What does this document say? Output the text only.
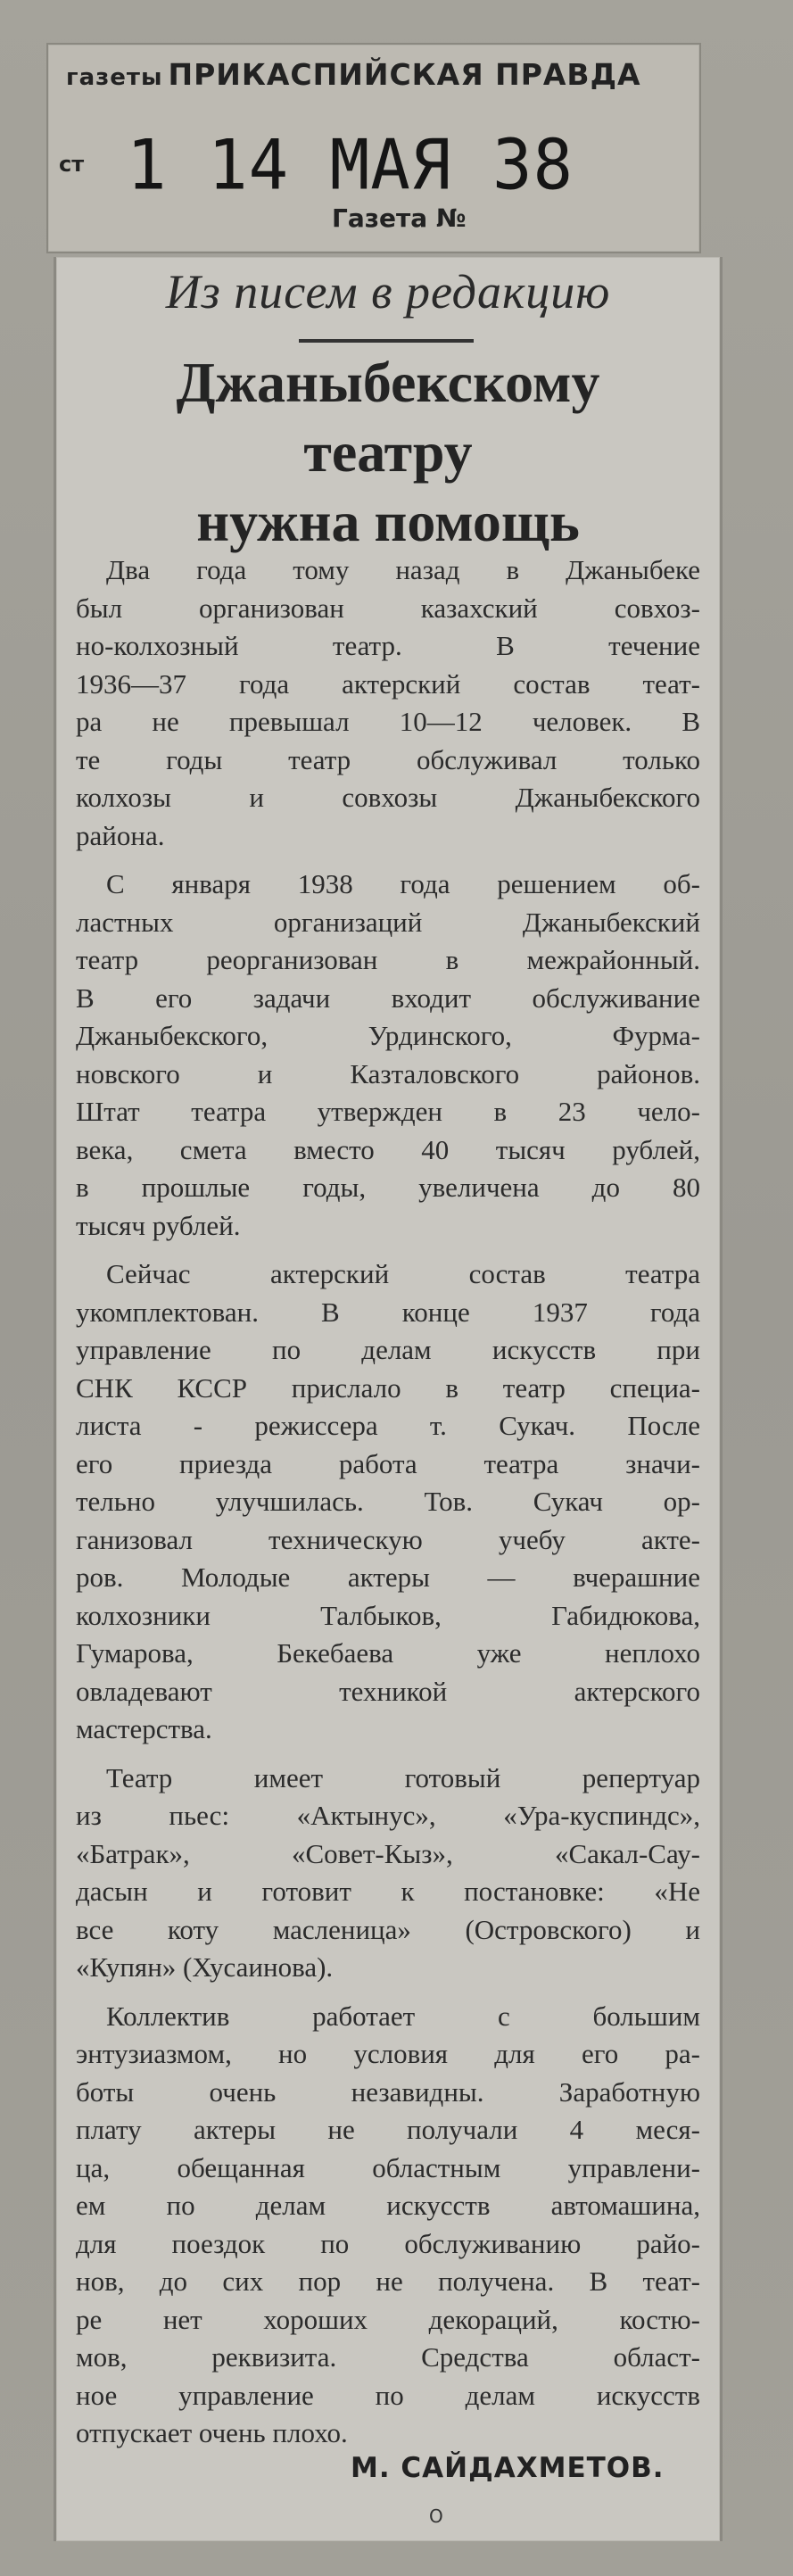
газеты ПРИКАСПИЙСКАЯ ПРАВДА
ст 1 14 МАЯ 38
Газета №
Из писем в редакцию
Джаныбекскому
театру
нужна помощь
Два года тому назад в Джаныбеке
был организован казахский совхоз-
но-колхозный театр. В течение
1936—37 года актерский состав теат-
ра не превышал 10—12 человек. В
те годы театр обслуживал только
колхозы и совхозы Джаныбекского
района.
С января 1938 года решением об-
ластных организаций Джаныбекский
театр реорганизован в межрайонный.
В его задачи входит обслуживание
Джаныбекского, Урдинского, Фурма-
новского и Казталовского районов.
Штат театра утвержден в 23 чело-
века, смета вместо 40 тысяч рублей,
в прошлые годы, увеличена до 80
тысяч рублей.
Сейчас актерский состав театра
укомплектован. В конце 1937 года
управление по делам искусств при
СНК КССР прислало в театр специа-
листа - режиссера т. Сукач. После
его приезда работа театра значи-
тельно улучшилась. Тов. Сукач ор-
ганизовал техническую учебу акте-
ров. Молодые актеры — вчерашние
колхозники Талбыков, Габидюкова,
Гумарова, Бекебаева уже неплохо
овладевают техникой актерского
мастерства.
Театр имеет готовый репертуар
из пьес: «Актынус», «Ура-куспиндс»,
«Батрак», «Совет-Кыз», «Сакал-Сау-
дасын и готовит к постановке: «Не
все коту масленица» (Островского) и
«Купян» (Хусаинова).
Коллектив работает с большим
энтузиазмом, но условия для его ра-
боты очень незавидны. Заработную
плату актеры не получали 4 меся-
ца, обещанная областным управлени-
ем по делам искусств автомашина,
для поездок по обслуживанию райо-
нов, до сих пор не получена. В теат-
ре нет хороших декораций, костю-
мов, реквизита. Средства област-
ное управление по делам искусств
отпускает очень плохо.
М. САЙДАХМЕТОВ.
О
